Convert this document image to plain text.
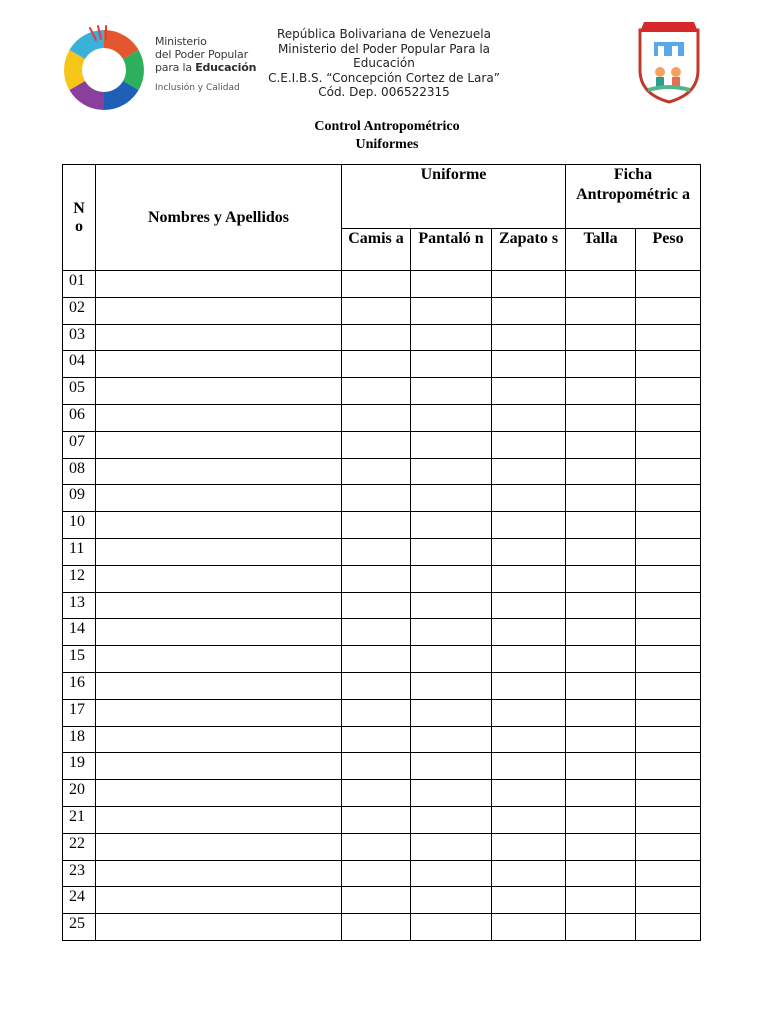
Ministerio
del Poder Popular
para la Educación
Inclusión y Calidad
República Bolivariana de Venezuela
Ministerio del Poder Popular Para la Educación
C.E.I.B.S. “Concepción Cortez de Lara”
Cód. Dep. 006522315
Control Antropométrico
Uniformes
N
o	Nombres y Apellidos	Uniforme			Ficha Antropométric a	
		Camis a	Pantaló n	Zapato s	Talla	Peso
01						
02						
03						
04						
05						
06						
07						
08						
09						
10						
11						
12						
13						
14						
15						
16						
17						
18						
19						
20						
21						
22						
23						
24						
25						
